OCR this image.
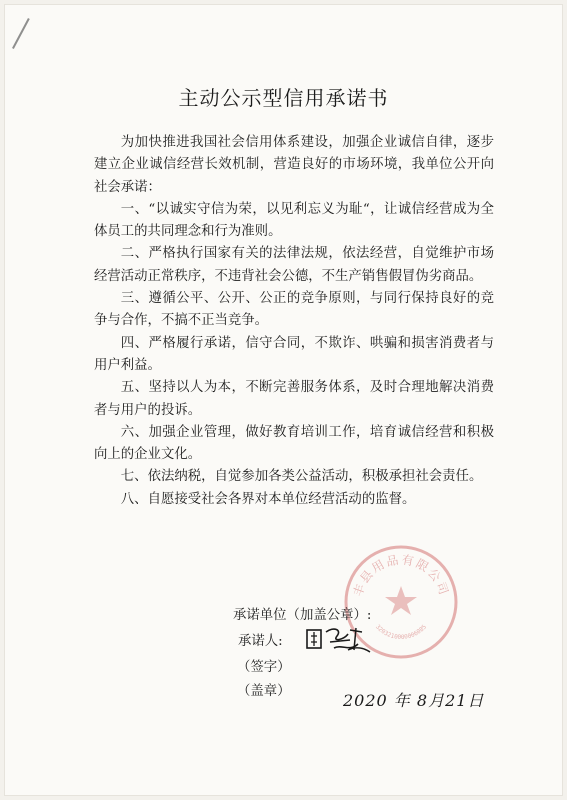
主动公示型信用承诺书

为加快推进我国社会信用体系建设，加强企业诚信自律，逐步建立企业诚信经营长效机制，营造良好的市场环境，我单位公开向社会承诺：

一、“以诚实守信为荣，以见利忘义为耻“，让诚信经营成为全体员工的共同理念和行为准则。

二、严格执行国家有关的法律法规，依法经营，自觉维护市场经营活动正常秩序，不违背社会公德，不生产销售假冒伪劣商品。

三、遵循公平、公开、公正的竞争原则，与同行保持良好的竞争与合作，不搞不正当竞争。

四、严格履行承诺，信守合同，不欺诈、哄骗和损害消费者与用户利益。

五、坚持以人为本，不断完善服务体系，及时合理地解决消费者与用户的投诉。

六、加强企业管理，做好教育培训工作，培育诚信经营和积极向上的企业文化。

七、依法纳税，自觉参加各类公益活动，积极承担社会责任。

八、自愿接受社会各界对本单位经营活动的监督。

丰县用品有限公司
3203210000006085
承诺单位（加盖公章）:
承诺人:
（签字）
（盖章）	2020 年 8月21日
